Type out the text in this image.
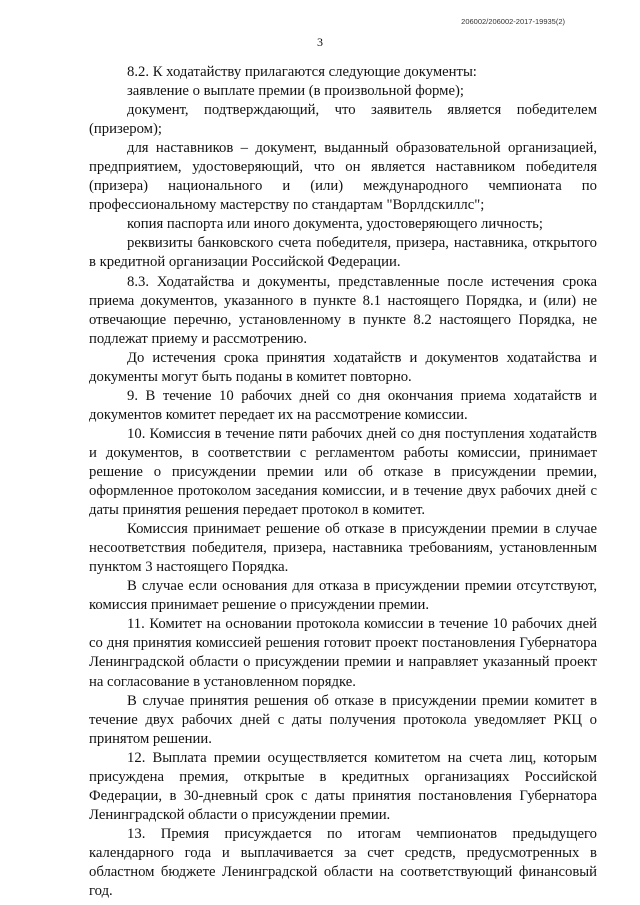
206002/206002-2017-19935(2)
3

8.2. К ходатайству прилагаются следующие документы:

заявление о выплате премии (в произвольной форме);

документ, подтверждающий, что заявитель является победителем (призером);

для наставников – документ, выданный образовательной организацией, предприятием, удостоверяющий, что он является наставником победителя (призера) национального и (или) международного чемпионата по профессиональному мастерству по стандартам "Ворлдскиллс";

копия паспорта или иного документа, удостоверяющего личность;

реквизиты банковского счета победителя, призера, наставника, открытого в кредитной организации Российской Федерации.

8.3. Ходатайства и документы, представленные после истечения срока приема документов, указанного в пункте 8.1 настоящего Порядка, и (или) не отвечающие перечню, установленному в пункте 8.2 настоящего Порядка, не подлежат приему и рассмотрению.

До истечения срока принятия ходатайств и документов ходатайства и документы могут быть поданы в комитет повторно.

9. В течение 10 рабочих дней со дня окончания приема ходатайств и документов комитет передает их на рассмотрение комиссии.

10. Комиссия в течение пяти рабочих дней со дня поступления ходатайств и документов, в соответствии с регламентом работы комиссии, принимает решение о присуждении премии или об отказе в присуждении премии, оформленное протоколом заседания комиссии, и в течение двух рабочих дней с даты принятия решения передает протокол в комитет.

Комиссия принимает решение об отказе в присуждении премии в случае несоответствия победителя, призера, наставника требованиям, установленным пунктом 3 настоящего Порядка.

В случае если основания для отказа в присуждении премии отсутствуют, комиссия принимает решение о присуждении премии.

11. Комитет на основании протокола комиссии в течение 10 рабочих дней со дня принятия комиссией решения готовит проект постановления Губернатора Ленинградской области о присуждении премии и направляет указанный проект на согласование в установленном порядке.

В случае принятия решения об отказе в присуждении премии комитет в течение двух рабочих дней с даты получения протокола уведомляет РКЦ о принятом решении.

12. Выплата премии осуществляется комитетом на счета лиц, которым присуждена премия, открытые в кредитных организациях Российской Федерации, в 30-дневный срок с даты принятия постановления Губернатора Ленинградской области о присуждении премии.

13. Премия присуждается по итогам чемпионатов предыдущего календарного года и выплачивается за счет средств, предусмотренных в областном бюджете Ленинградской области на соответствующий финансовый год.
